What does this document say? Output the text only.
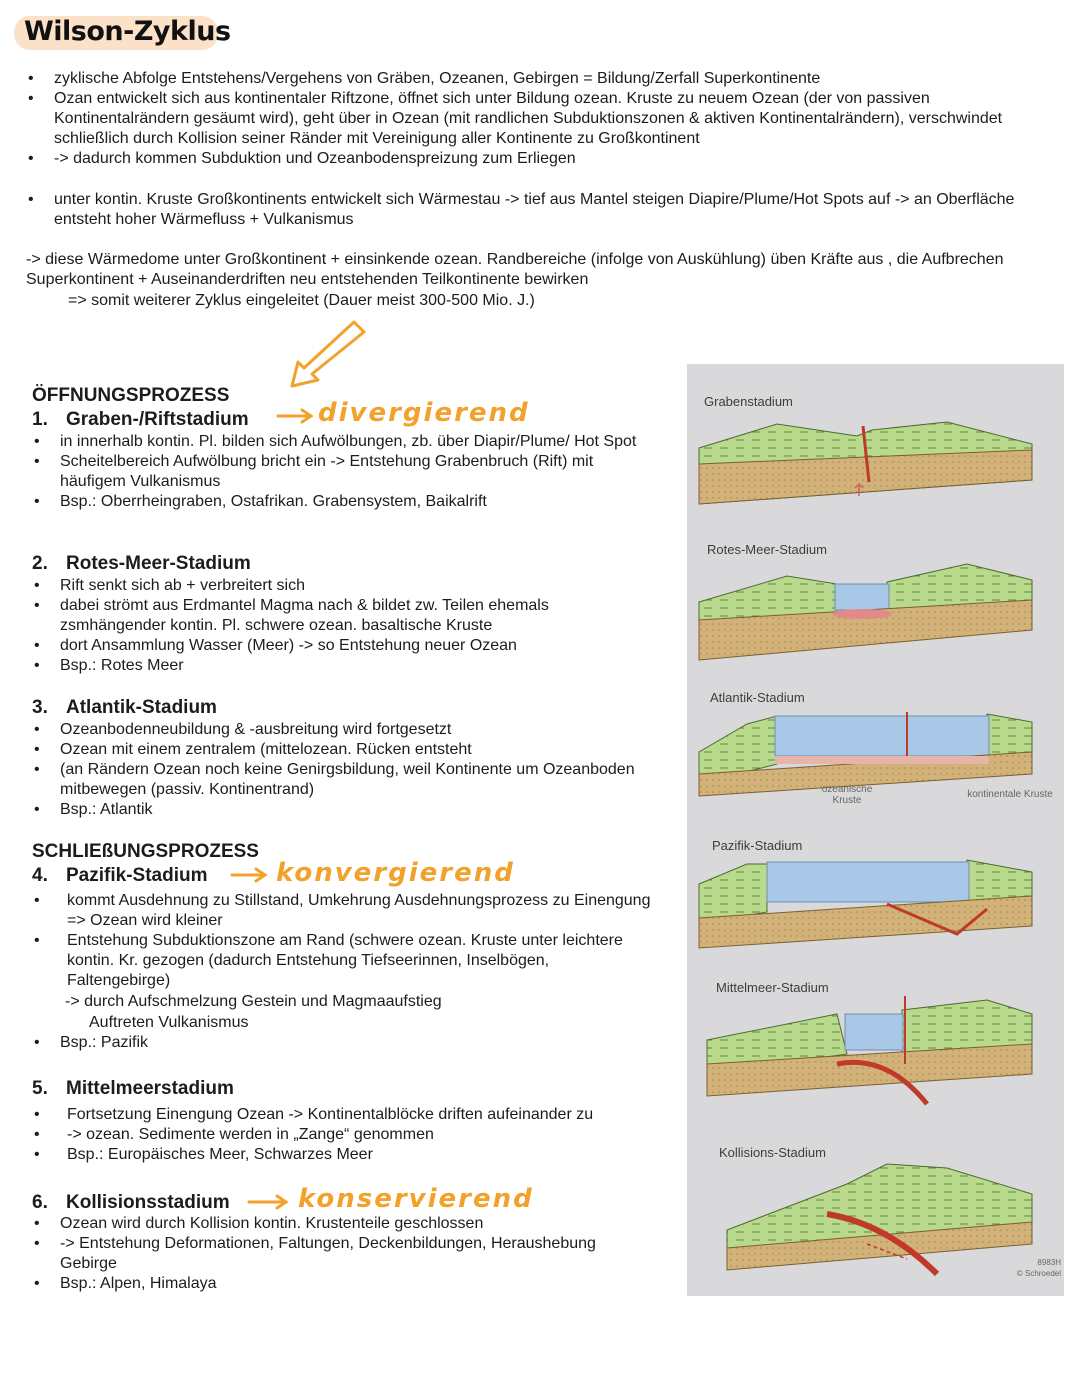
Wilson-Zyklus
• zyklische Abfolge Entstehens/Vergehens von Gräben, Ozeanen, Gebirgen = Bildung/Zerfall Superkontinente
• Ozan entwickelt sich aus kontinentaler Riftzone, öffnet sich unter Bildung ozean. Kruste zu neuem Ozean (der von passiven Kontinentalrändern gesäumt wird), geht über in Ozean (mit randlichen Subduktionszonen & aktiven Kontinentalrändern), verschwindet schließlich durch Kollision seiner Ränder mit Vereinigung aller Kontinente zu Großkontinent
• -> dadurch kommen Subduktion und Ozeanbodenspreizung zum Erliegen
• unter kontin. Kruste Großkontinents entwickelt sich Wärmestau -> tief aus Mantel steigen Diapire/Plume/Hot Spots auf -> an Oberfläche entsteht hoher Wärmefluss + Vulkanismus
-> diese Wärmedome unter Großkontinent + einsinkende ozean. Randbereiche (infolge von Auskühlung) üben Kräfte aus , die Aufbrechen Superkontinent + Auseinanderdriften neu entstehenden Teilkontinente bewirken
=> somit weiterer Zyklus eingeleitet (Dauer meist 300-500 Mio. J.)
ÖFFNUNGSPROZESS
1. Graben-/Riftstadium	divergierend
• in innerhalb kontin. Pl. bilden sich Aufwölbungen, zb. über Diapir/Plume/ Hot Spot
• Scheitelbereich Aufwölbung bricht ein -> Entstehung Grabenbruch (Rift) mit häufigem Vulkanismus
• Bsp.: Oberrheingraben, Ostafrikan. Grabensystem, Baikalrift
2. Rotes-Meer-Stadium
• Rift senkt sich ab + verbreitert sich
• dabei strömt aus Erdmantel Magma nach & bildet zw. Teilen ehemals zsmhängender kontin. Pl. schwere ozean. basaltische Kruste
• dort Ansammlung Wasser (Meer) -> so Entstehung neuer Ozean
• Bsp.: Rotes Meer
3. Atlantik-Stadium
• Ozeanbodenneubildung & -ausbreitung wird fortgesetzt
• Ozean mit einem zentralem (mittelozean. Rücken entsteht
• (an Rändern Ozean noch keine Genirgsbildung, weil Kontinente um Ozeanboden mitbewegen (passiv. Kontinentrand)
• Bsp.: Atlantik
SCHLIEßUNGSPROZESS
4. Pazifik-Stadium	konvergierend
• kommt Ausdehnung zu Stillstand, Umkehrung Ausdehnungsprozess zu Einengung => Ozean wird kleiner
• Entstehung Subduktionszone am Rand (schwere ozean. Kruste unter leichtere kontin. Kr. gezogen (dadurch Entstehung Tiefseerinnen, Inselbögen, Faltengebirge)
-> durch Aufschmelzung Gestein und Magmaaufstieg
Auftreten Vulkanismus
• Bsp.: Pazifik
5. Mittelmeerstadium
• Fortsetzung Einengung Ozean -> Kontinentalblöcke driften aufeinander zu
• -> ozean. Sedimente werden in „Zange“ genommen
• Bsp.: Europäisches Meer, Schwarzes Meer
6. Kollisionsstadium	konservierend
• Ozean wird durch Kollision kontin. Krustenteile geschlossen
• -> Entstehung Deformationen, Faltungen, Deckenbildungen, Heraushebung Gebirge
• Bsp.: Alpen, Himalaya
Grabenstadium
Rotes-Meer-Stadium
Atlantik-Stadium
ozeanische Kruste
kontinentale Kruste
Pazifik-Stadium
Mittelmeer-Stadium
Kollisions-Stadium
8983H
© Schroedel
